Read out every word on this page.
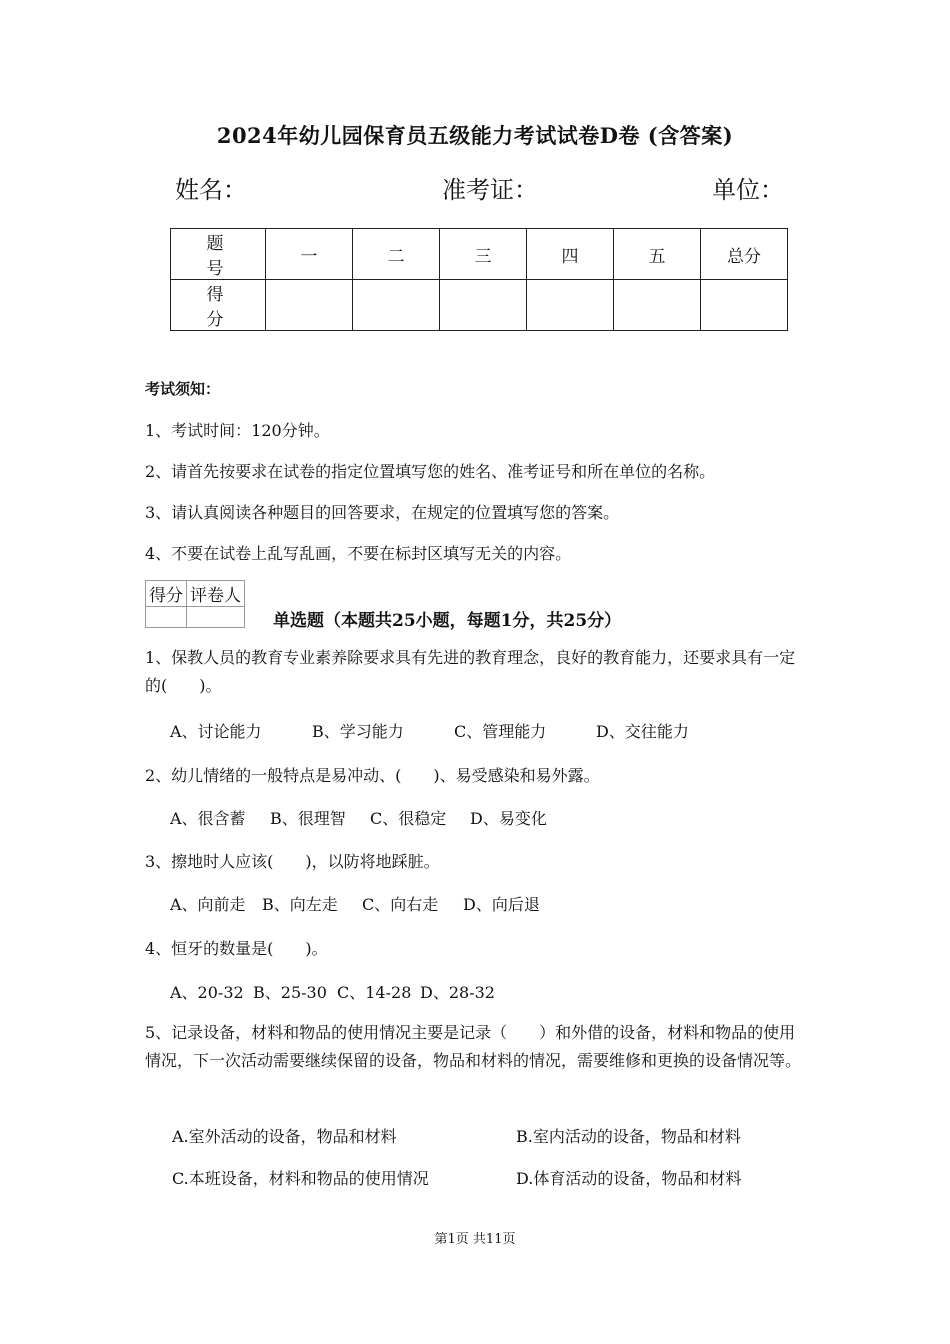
2024年幼儿园保育员五级能力考试试卷D卷 (含答案)
姓名：	准考证：	单位：
题　号	一	二	三	四	五	总分
得　分						
考试须知：
1、考试时间：120分钟。
2、请首先按要求在试卷的指定位置填写您的姓名、准考证号和所在单位的名称。
3、请认真阅读各种题目的回答要求，在规定的位置填写您的答案。
4、不要在试卷上乱写乱画，不要在标封区填写无关的内容。
得分	评卷人

单选题（本题共25小题，每题1分，共25分）
1、保教人员的教育专业素养除要求具有先进的教育理念，良好的教育能力，还要求具有一定的(　　)。
A、讨论能力	B、学习能力	C、管理能力	D、交往能力
2、幼儿情绪的一般特点是易冲动、(　　)、易受感染和易外露。
A、很含蓄 B、很理智 C、很稳定 D、易变化
3、擦地时人应该(　　)，以防将地踩脏。
A、向前走 B、向左走 C、向右走 D、向后退
4、恒牙的数量是(　　)。
A、20-32 B、25-30 C、14-28 D、28-32
5、记录设备，材料和物品的使用情况主要是记录（　　）和外借的设备，材料和物品的使用情况，下一次活动需要继续保留的设备，物品和材料的情况，需要维修和更换的设备情况等。
A.室外活动的设备，物品和材料	B.室内活动的设备，物品和材料
C.本班设备，材料和物品的使用情况	D.体育活动的设备，物品和材料
第1页 共11页
